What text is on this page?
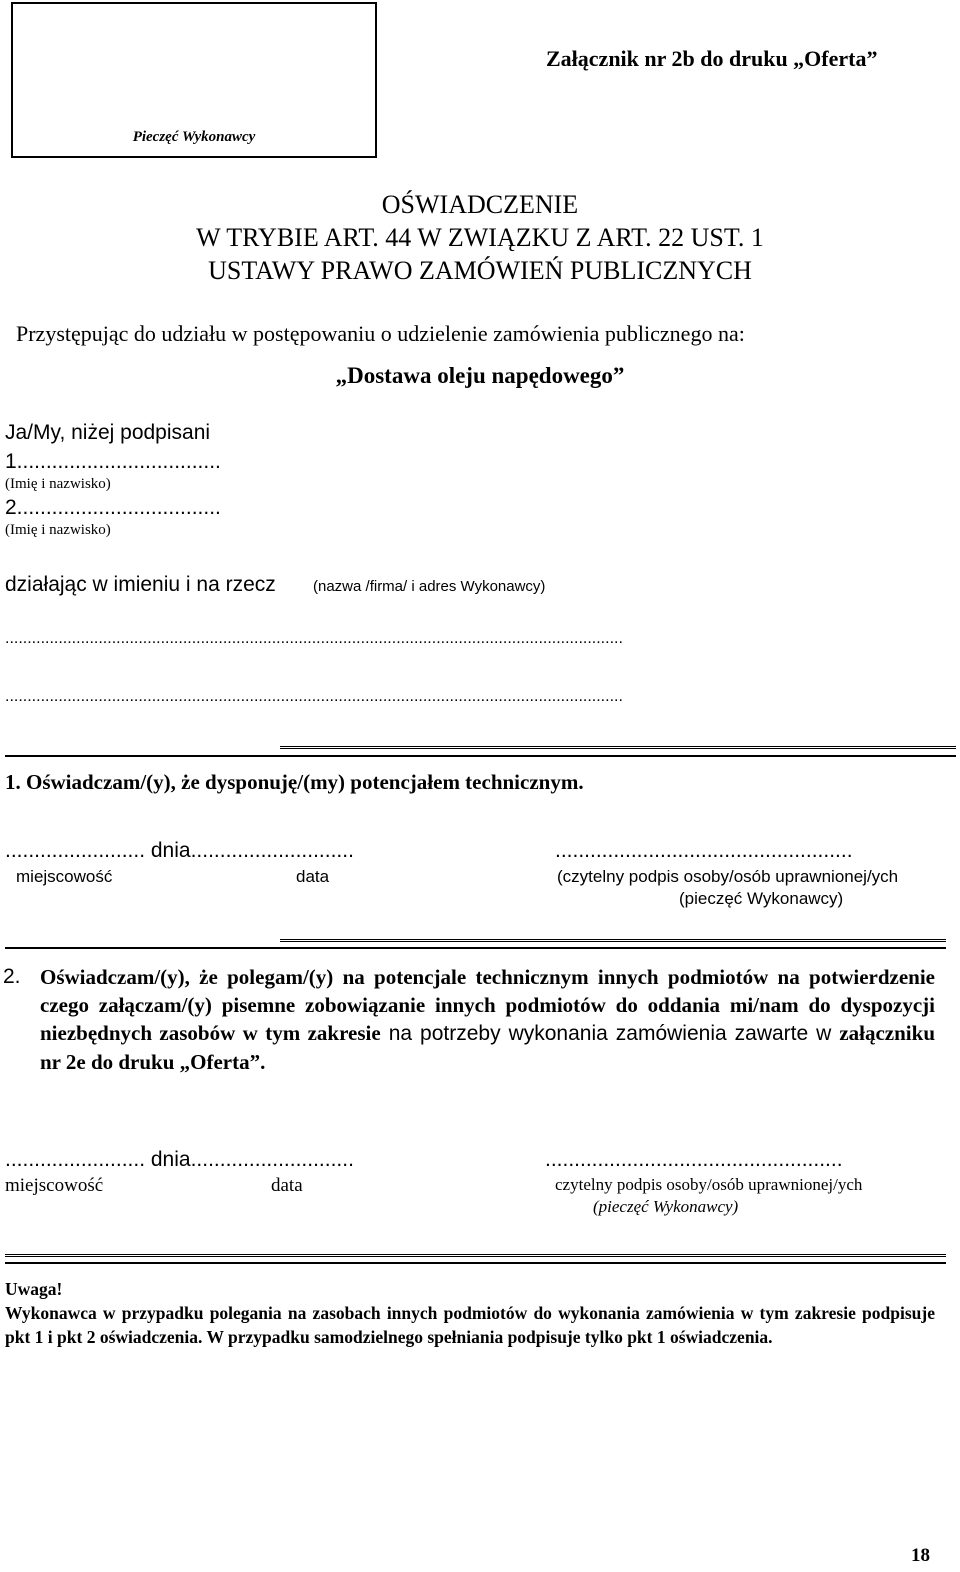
Pieczęć Wykonawcy
Załącznik nr 2b do druku „Oferta”
OŚWIADCZENIE
W TRYBIE ART. 44 W ZWIĄZKU Z ART. 22 UST. 1
USTAWY PRAWO ZAMÓWIEŃ PUBLICZNYCH
Przystępując do udziału w postępowaniu o udzielenie zamówienia publicznego na:
„Dostawa oleju napędowego”
Ja/My, niżej podpisani
1...................................
(Imię i nazwisko)
2...................................
(Imię i nazwisko)
działając w imieniu i na rzecz (nazwa /firma/ i adres Wykonawcy)
...........................................................................................................................................
...........................................................................................................................................
1. Oświadczam/(y), że dysponuję/(my) potencjałem technicznym.
........................ dnia............................	...................................................
miejscowość	data	(czytelny podpis osoby/osób uprawnionej/ych
(pieczęć Wykonawcy)
2. Oświadczam/(y), że polegam/(y) na potencjale technicznym innych podmiotów na potwierdzenie czego załączam/(y) pisemne zobowiązanie innych podmiotów do oddania mi/nam do dyspozycji niezbędnych zasobów w tym zakresie na potrzeby wykonania zamówienia zawarte w załączniku nr 2e do druku „Oferta”.
........................ dnia............................	...................................................
miejscowość	data	czytelny podpis osoby/osób uprawnionej/ych
(pieczęć Wykonawcy)
Uwaga!
Wykonawca w przypadku polegania na zasobach innych podmiotów do wykonania zamówienia w tym zakresie podpisuje pkt 1 i pkt 2 oświadczenia. W przypadku samodzielnego spełniania podpisuje tylko pkt 1 oświadczenia.
18
